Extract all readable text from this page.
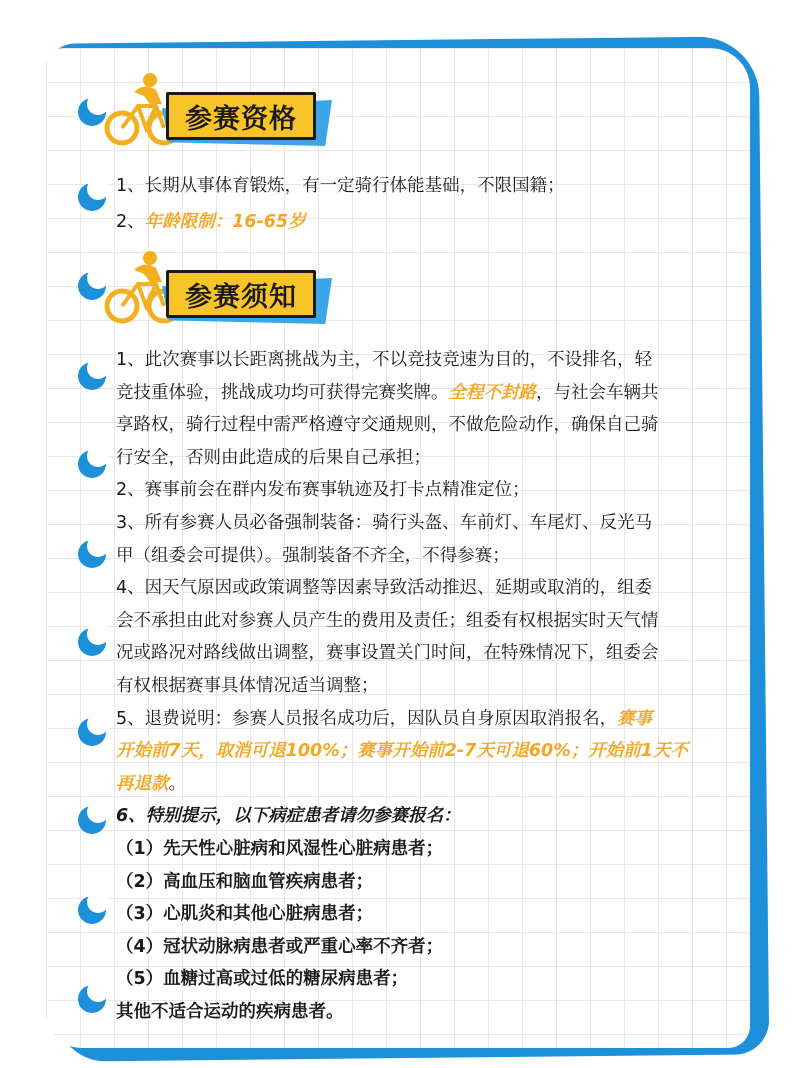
参赛资格
1、长期从事体育锻炼，有一定骑行体能基础，不限国籍；
2、年龄限制：16-65岁
参赛须知
1、此次赛事以长距离挑战为主，不以竞技竞速为目的，不设排名，轻
竞技重体验，挑战成功均可获得完赛奖牌。全程不封路，与社会车辆共
享路权，骑行过程中需严格遵守交通规则，不做危险动作，确保自己骑
行安全，否则由此造成的后果自己承担；
2、赛事前会在群内发布赛事轨迹及打卡点精准定位；
3、所有参赛人员必备强制装备：骑行头盔、车前灯、车尾灯、反光马
甲（组委会可提供）。强制装备不齐全，不得参赛；
4、因天气原因或政策调整等因素导致活动推迟、延期或取消的，组委
会不承担由此对参赛人员产生的费用及责任；组委有权根据实时天气情
况或路况对路线做出调整，赛事设置关门时间，在特殊情况下，组委会
有权根据赛事具体情况适当调整；
5、退费说明：参赛人员报名成功后，因队员自身原因取消报名，赛事
开始前7天，取消可退100%；赛事开始前2-7天可退60%；开始前1天不
再退款。
6、特别提示，以下病症患者请勿参赛报名：
（1）先天性心脏病和风湿性心脏病患者；
（2）高血压和脑血管疾病患者；
（3）心肌炎和其他心脏病患者；
（4）冠状动脉病患者或严重心率不齐者；
（5）血糖过高或过低的糖尿病患者；
其他不适合运动的疾病患者。
